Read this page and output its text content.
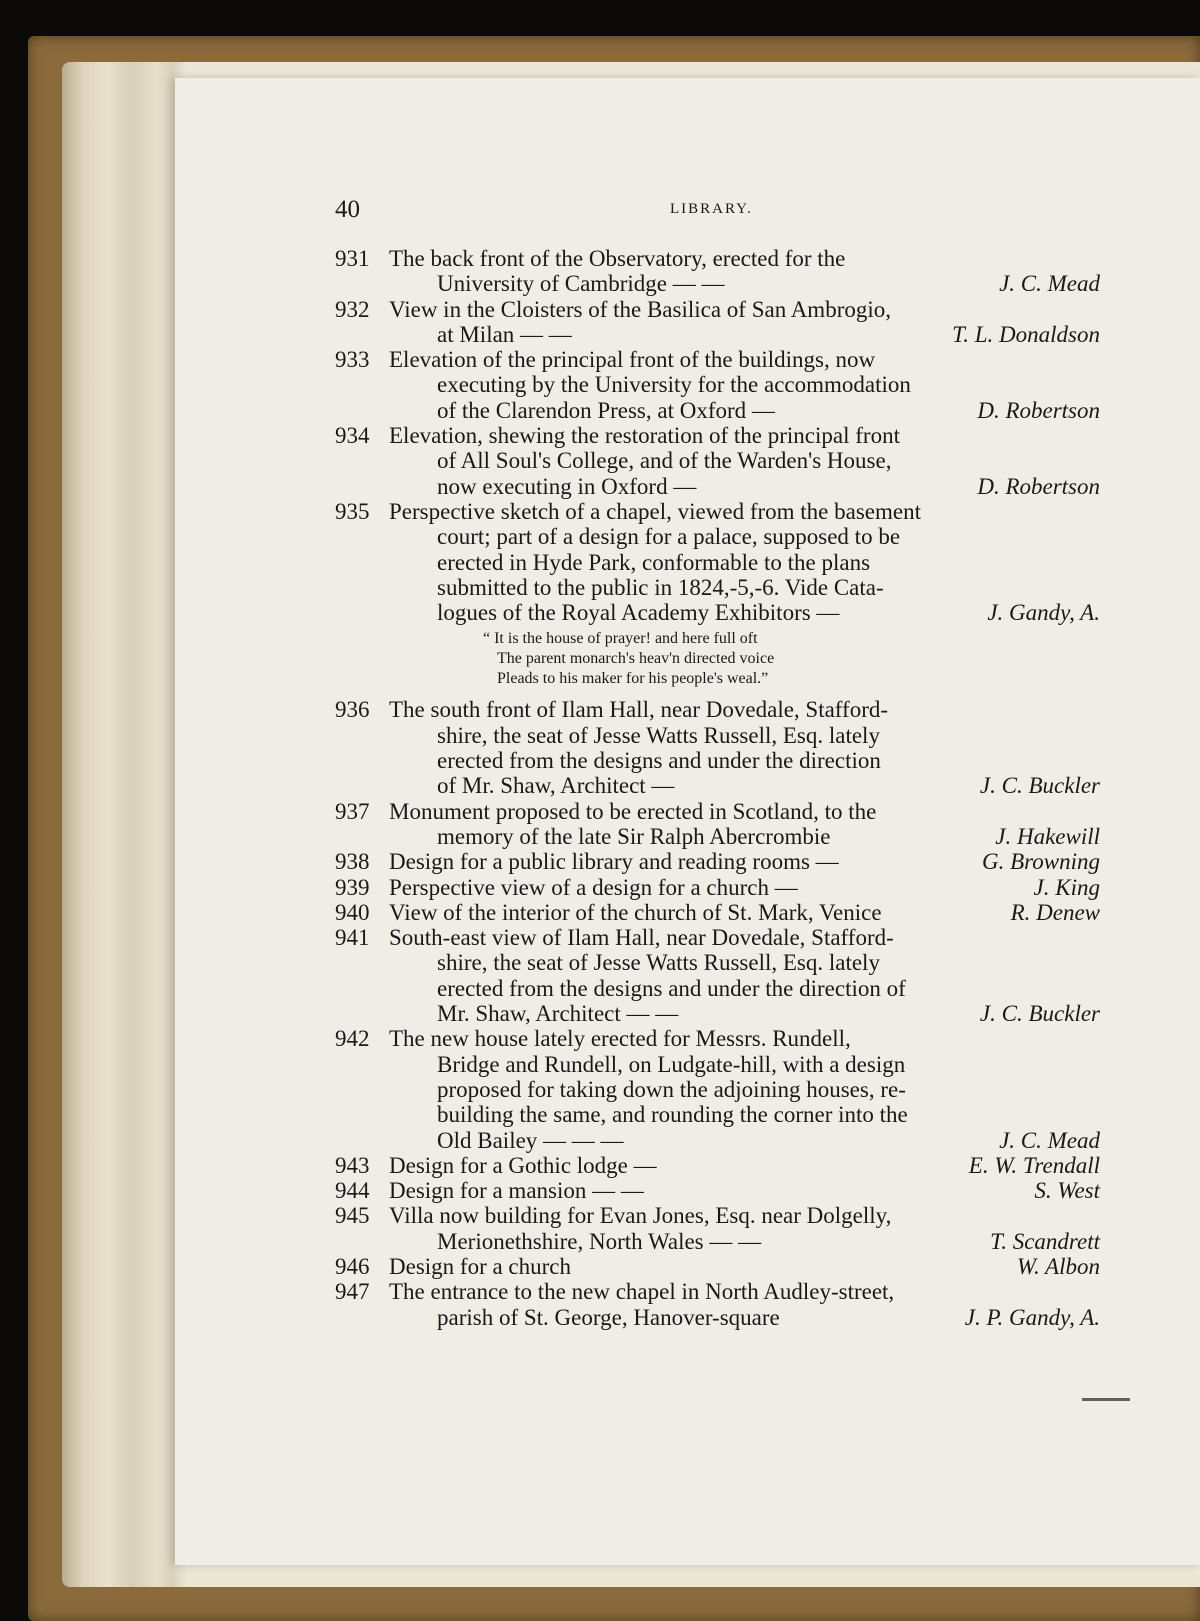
40	LIBRARY.
931 The back front of the Observatory, erected for the
University of Cambridge — —	J. C. Mead
932 View in the Cloisters of the Basilica of San Ambrogio,
at Milan — —	T. L. Donaldson
933 Elevation of the principal front of the buildings, now
executing by the University for the accommodation
of the Clarendon Press, at Oxford —	D. Robertson
934 Elevation, shewing the restoration of the principal front
of All Soul's College, and of the Warden's House,
now executing in Oxford —	D. Robertson
935 Perspective sketch of a chapel, viewed from the basement
court; part of a design for a palace, supposed to be
erected in Hyde Park, conformable to the plans
submitted to the public in 1824,-5,-6. Vide Cata-
logues of the Royal Academy Exhibitors —	J. Gandy, A.
“ It is the house of prayer! and here full oft
The parent monarch's heav'n directed voice
Pleads to his maker for his people's weal.”
936 The south front of Ilam Hall, near Dovedale, Stafford-
shire, the seat of Jesse Watts Russell, Esq. lately
erected from the designs and under the direction
of Mr. Shaw, Architect —	J. C. Buckler
937 Monument proposed to be erected in Scotland, to the
memory of the late Sir Ralph Abercrombie	J. Hakewill
938 Design for a public library and reading rooms —	G. Browning
939 Perspective view of a design for a church —	J. King
940 View of the interior of the church of St. Mark, Venice	R. Denew
941 South-east view of Ilam Hall, near Dovedale, Stafford-
shire, the seat of Jesse Watts Russell, Esq. lately
erected from the designs and under the direction of
Mr. Shaw, Architect — —	J. C. Buckler
942 The new house lately erected for Messrs. Rundell,
Bridge and Rundell, on Ludgate-hill, with a design
proposed for taking down the adjoining houses, re-
building the same, and rounding the corner into the
Old Bailey — — —	J. C. Mead
943 Design for a Gothic lodge —	E. W. Trendall
944 Design for a mansion — —	S. West
945 Villa now building for Evan Jones, Esq. near Dolgelly,
Merionethshire, North Wales — —	T. Scandrett
946 Design for a church	W. Albon
947 The entrance to the new chapel in North Audley-street,
parish of St. George, Hanover-square	J. P. Gandy, A.
